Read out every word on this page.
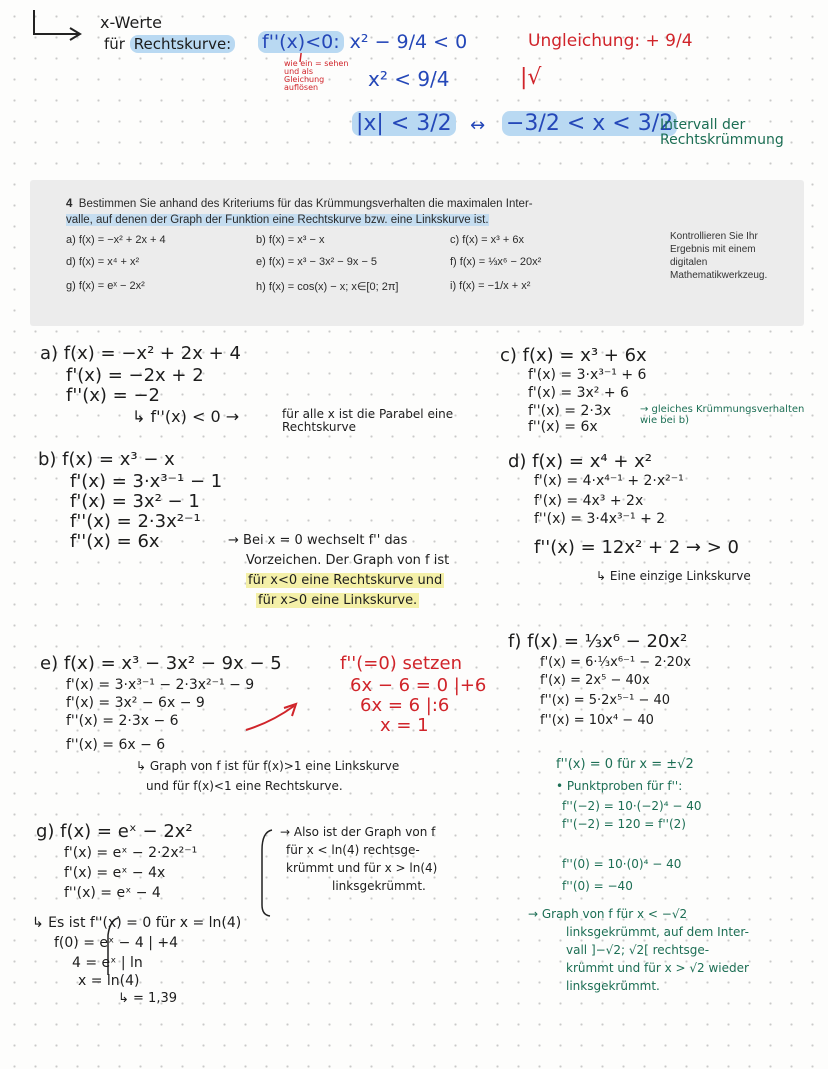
x-Werte
für Rechtskurve: f''(x)<0: x² − 9/4 < 0	Ungleichung: + 9/4
wie ein = sehen und als Gleichung auflösen	x² < 9/4	|√
|x| < 3/2 ↔ −3/2 < x < 3/2
Intervall der Rechtskrümmung
4 Bestimmen Sie anhand des Kriteriums für das Krümmungsverhalten die maximalen Inter-
valle, auf denen der Graph der Funktion eine Rechtskurve bzw. eine Linkskurve ist.
a) f(x) = −x² + 2x + 4	b) f(x) = x³ − x	c) f(x) = x³ + 6x
d) f(x) = x⁴ + x²	e) f(x) = x³ − 3x² − 9x − 5	f) f(x) = ⅓x⁶ − 20x²
g) f(x) = eˣ − 2x²	h) f(x) = cos(x) − x; x∈[0; 2π]	i) f(x) = −1/x + x²
Kontrollieren Sie Ihr Ergebnis mit einem digitalen Mathematikwerkzeug.
a) f(x) = −x² + 2x + 4
f'(x) = −2x + 2
f''(x) = −2
↳ f''(x) < 0 →	für alle x ist die Parabel eine Rechtskurve
b) f(x) = x³ − x
f'(x) = 3·x³⁻¹ − 1
f'(x) = 3x² − 1
f''(x) = 2·3x²⁻¹
f''(x) = 6x	→ Bei x = 0 wechselt f'' das
Vorzeichen. Der Graph von f ist
für x<0 eine Rechtskurve und
für x>0 eine Linkskurve.
c) f(x) = x³ + 6x
f'(x) = 3·x³⁻¹ + 6
f'(x) = 3x² + 6
f''(x) = 2·3x
f''(x) = 6x
→ gleiches Krümmungsverhalten wie bei b)
d) f(x) = x⁴ + x²
f'(x) = 4·x⁴⁻¹ + 2·x²⁻¹
f'(x) = 4x³ + 2x
f''(x) = 3·4x³⁻¹ + 2
f''(x) = 12x² + 2 → > 0
↳ Eine einzige Linkskurve
e) f(x) = x³ − 3x² − 9x − 5
f'(x) = 3·x³⁻¹ − 2·3x²⁻¹ − 9
f'(x) = 3x² − 6x − 9
f''(x) = 2·3x − 6
f''(x) = 6x − 6
f''(=0) setzen
6x − 6 = 0 |+6
6x = 6 |:6
x = 1
↳ Graph von f ist für f(x)>1 eine Linkskurve
und für f(x)<1 eine Rechtskurve.
f) f(x) = ⅓x⁶ − 20x²
f'(x) = 6·⅓x⁶⁻¹ − 2·20x
f'(x) = 2x⁵ − 40x
f''(x) = 5·2x⁵⁻¹ − 40
f''(x) = 10x⁴ − 40
f''(x) = 0 für x = ±√2
• Punktproben für f'':
f''(−2) = 10·(−2)⁴ − 40
f''(−2) = 120 = f''(2)
f''(0) = 10·(0)⁴ − 40
f''(0) = −40
→ Graph von f für x < −√2
linksgekrümmt, auf dem Inter-
vall ]−√2; √2[ rechtsge-
krümmt und für x > √2 wieder
linksgekrümmt.
g) f(x) = eˣ − 2x²
f'(x) = eˣ − 2·2x²⁻¹
f'(x) = eˣ − 4x
f''(x) = eˣ − 4
→ Also ist der Graph von f
für x < ln(4) rechtsge-
krümmt und für x > ln(4)
linksgekrümmt.
↳ Es ist f''(x) = 0 für x = ln(4)
f(0) = eˣ − 4 | +4
4 = eˣ | ln
x = ln(4)
↳ = 1,39
